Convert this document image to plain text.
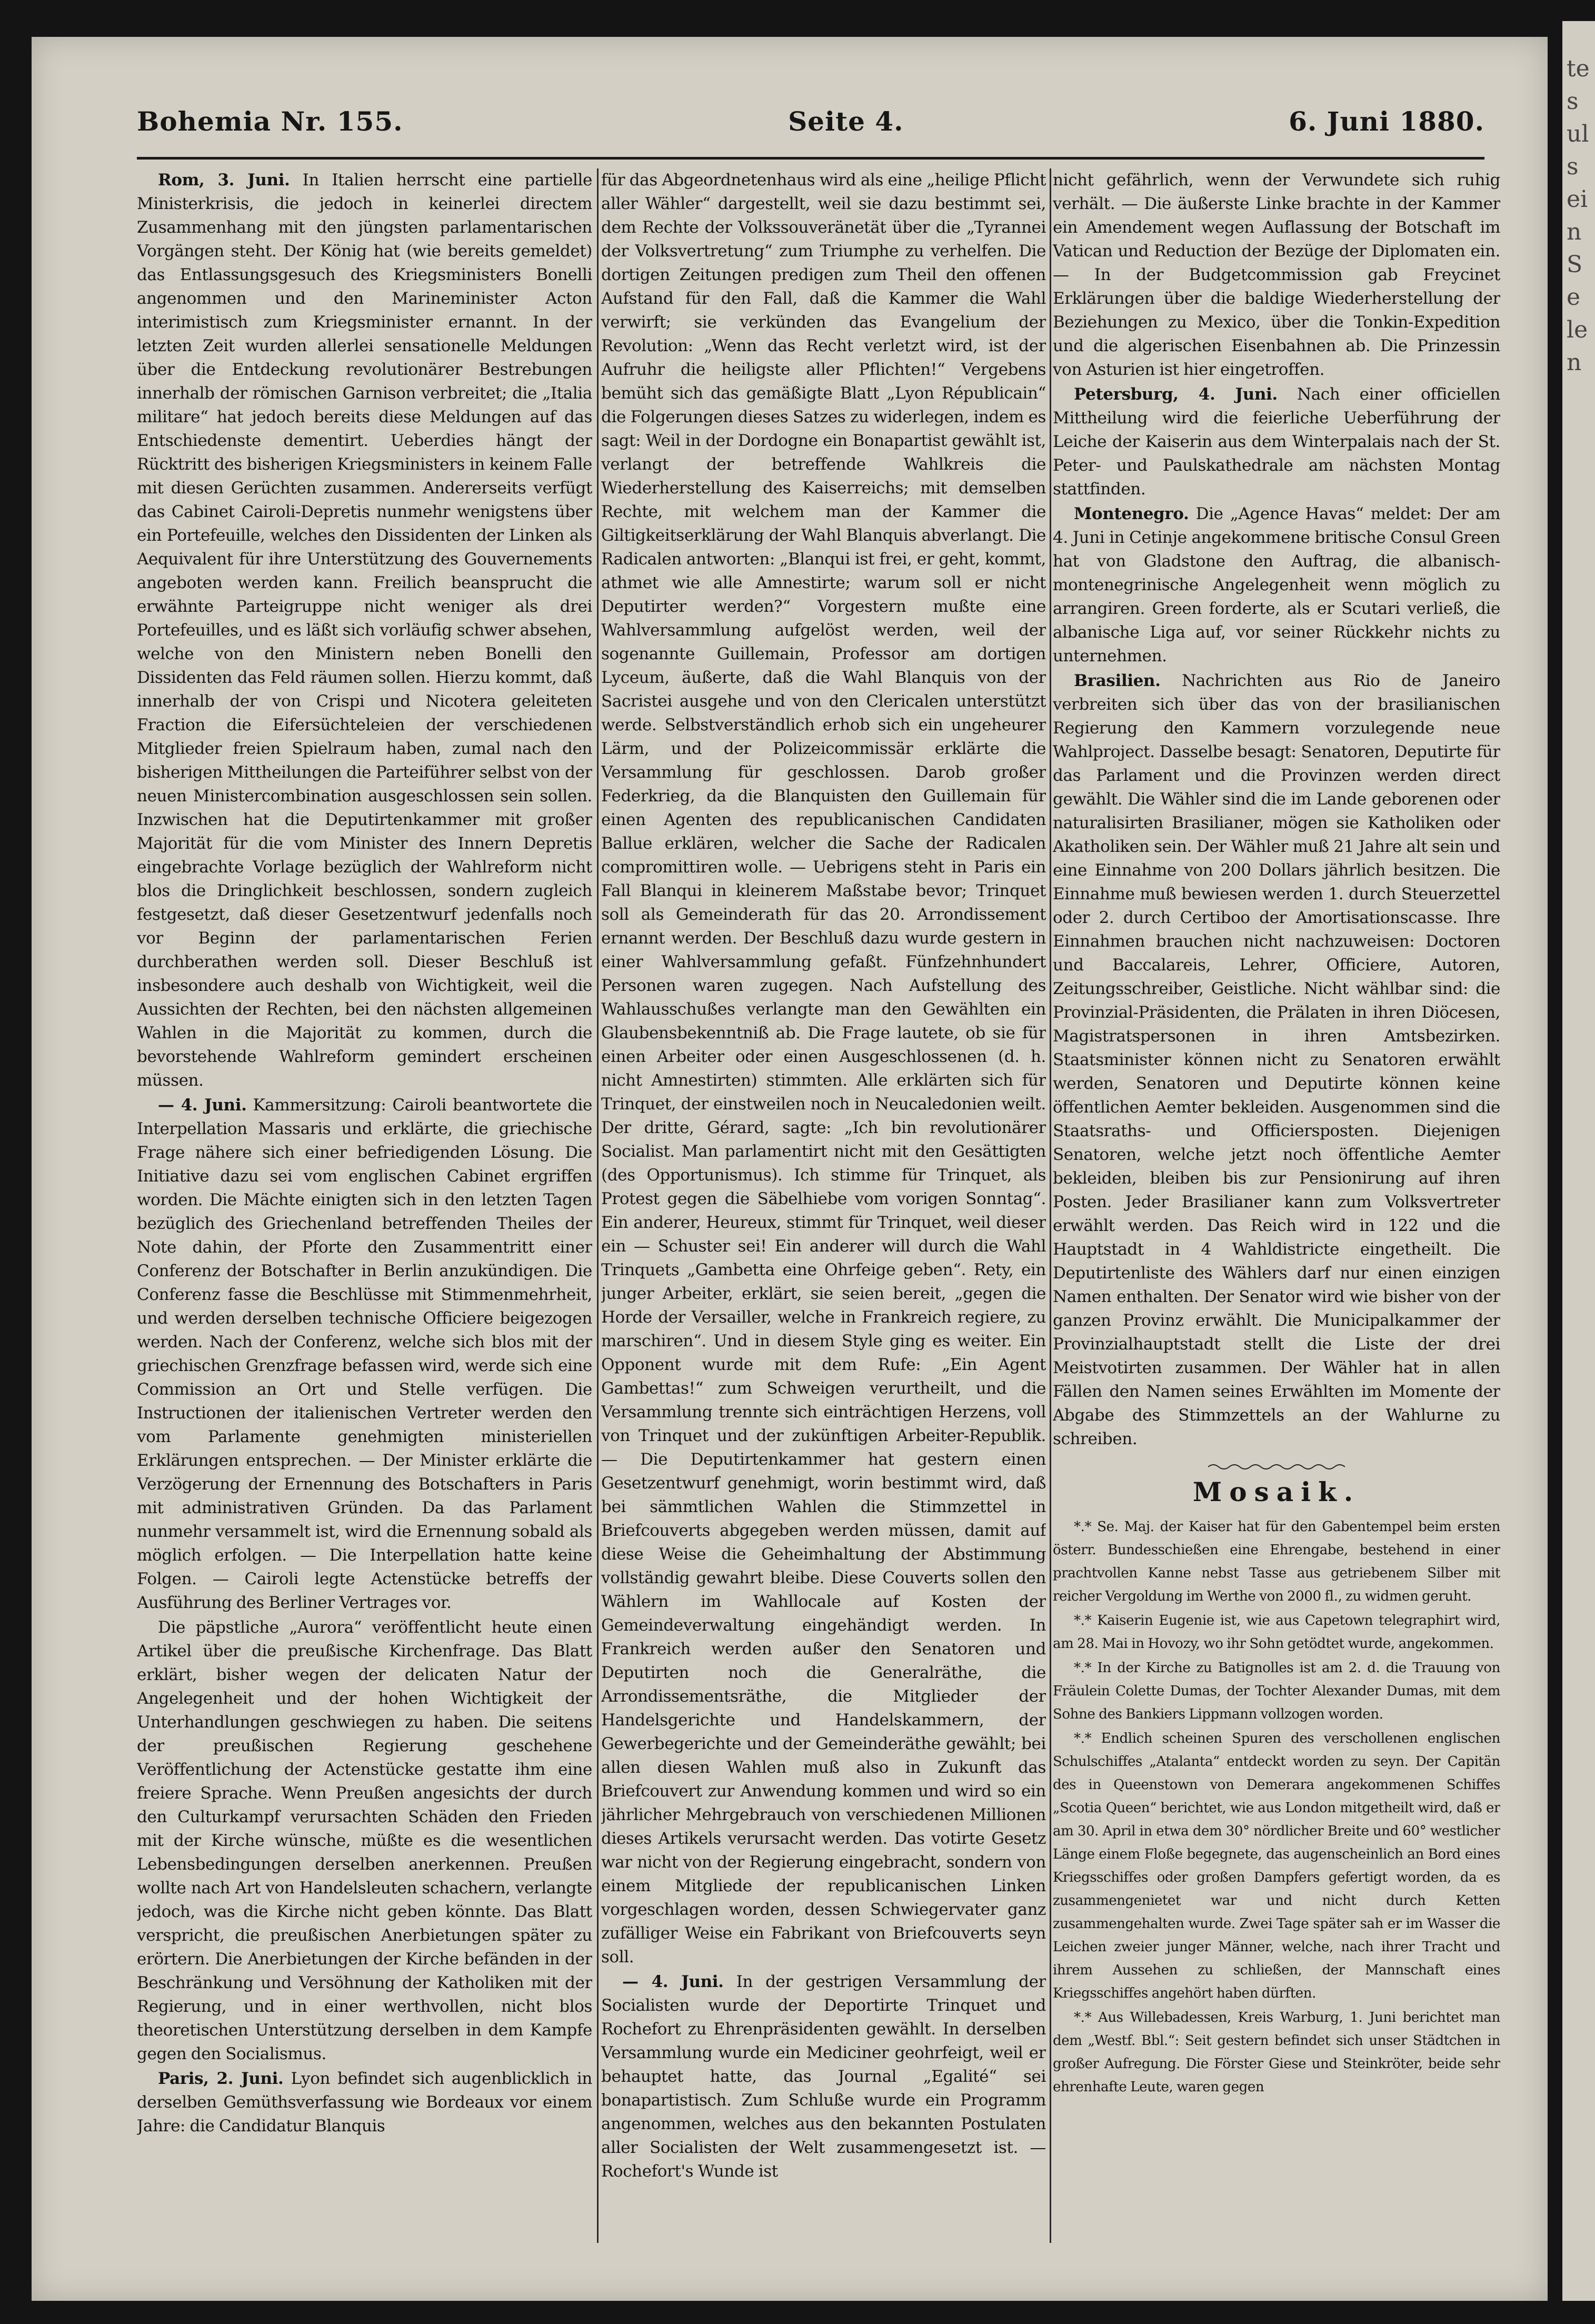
tes
uls
ein
Se
len
Bohemia Nr. 155.	Seite 4.	6. Juni 1880.

Rom, 3. Juni. In Italien herrscht eine partielle Ministerkrisis, die jedoch in keinerlei directem Zusammenhang mit den jüngsten parlamentarischen Vorgängen steht. Der König hat (wie bereits gemeldet) das Entlassungsgesuch des Kriegsministers Bonelli angenommen und den Marineminister Acton interimistisch zum Kriegsminister ernannt. In der letzten Zeit wurden allerlei sensationelle Meldungen über die Entdeckung revolutionärer Bestrebungen innerhalb der römischen Garnison verbreitet; die „Italia militare“ hat jedoch bereits diese Meldungen auf das Entschiedenste dementirt. Ueberdies hängt der Rücktritt des bisherigen Kriegsministers in keinem Falle mit diesen Gerüchten zusammen. Andererseits verfügt das Cabinet Cairoli-Depretis nunmehr wenigstens über ein Portefeuille, welches den Dissidenten der Linken als Aequivalent für ihre Unterstützung des Gouvernements angeboten werden kann. Freilich beansprucht die erwähnte Parteigruppe nicht weniger als drei Portefeuilles, und es läßt sich vorläufig schwer absehen, welche von den Ministern neben Bonelli den Dissidenten das Feld räumen sollen. Hierzu kommt, daß innerhalb der von Crispi und Nicotera geleiteten Fraction die Eifersüchteleien der verschiedenen Mitglieder freien Spielraum haben, zumal nach den bisherigen Mittheilungen die Parteiführer selbst von der neuen Ministercombination ausgeschlossen sein sollen. Inzwischen hat die Deputirtenkammer mit großer Majorität für die vom Minister des Innern Depretis eingebrachte Vorlage bezüglich der Wahlreform nicht blos die Dringlichkeit beschlossen, sondern zugleich festgesetzt, daß dieser Gesetzentwurf jedenfalls noch vor Beginn der parlamentarischen Ferien durchberathen werden soll. Dieser Beschluß ist insbesondere auch deshalb von Wichtigkeit, weil die Aussichten der Rechten, bei den nächsten allgemeinen Wahlen in die Majorität zu kommen, durch die bevorstehende Wahlreform gemindert erscheinen müssen.

— 4. Juni. Kammersitzung: Cairoli beantwortete die Interpellation Massaris und erklärte, die griechische Frage nähere sich einer befriedigenden Lösung. Die Initiative dazu sei vom englischen Cabinet ergriffen worden. Die Mächte einigten sich in den letzten Tagen bezüglich des Griechenland betreffenden Theiles der Note dahin, der Pforte den Zusammentritt einer Conferenz der Botschafter in Berlin anzukündigen. Die Conferenz fasse die Beschlüsse mit Stimmenmehrheit, und werden derselben technische Officiere beigezogen werden. Nach der Conferenz, welche sich blos mit der griechischen Grenzfrage befassen wird, werde sich eine Commission an Ort und Stelle verfügen. Die Instructionen der italienischen Vertreter werden den vom Parlamente genehmigten ministeriellen Erklärungen entsprechen. — Der Minister erklärte die Verzögerung der Ernennung des Botschafters in Paris mit administrativen Gründen. Da das Parlament nunmehr versammelt ist, wird die Ernennung sobald als möglich erfolgen. — Die Interpellation hatte keine Folgen. — Cairoli legte Actenstücke betreffs der Ausführung des Berliner Vertrages vor.

Die päpstliche „Aurora“ veröffentlicht heute einen Artikel über die preußische Kirchenfrage. Das Blatt erklärt, bisher wegen der delicaten Natur der Angelegenheit und der hohen Wichtigkeit der Unterhandlungen geschwiegen zu haben. Die seitens der preußischen Regierung geschehene Veröffentlichung der Actenstücke gestatte ihm eine freiere Sprache. Wenn Preußen angesichts der durch den Culturkampf verursachten Schäden den Frieden mit der Kirche wünsche, müßte es die wesentlichen Lebensbedingungen derselben anerkennen. Preußen wollte nach Art von Handelsleuten schachern, verlangte jedoch, was die Kirche nicht geben könnte. Das Blatt verspricht, die preußischen Anerbietungen später zu erörtern. Die Anerbietungen der Kirche befänden in der Beschränkung und Versöhnung der Katholiken mit der Regierung, und in einer werthvollen, nicht blos theoretischen Unterstützung derselben in dem Kampfe gegen den Socialismus.

Paris, 2. Juni. Lyon befindet sich augenblicklich in derselben Gemüthsverfassung wie Bordeaux vor einem Jahre: die Candidatur Blanquis

für das Abgeordnetenhaus wird als eine „heilige Pflicht aller Wähler“ dargestellt, weil sie dazu bestimmt sei, dem Rechte der Volkssouveränetät über die „Tyrannei der Volksvertretung“ zum Triumphe zu verhelfen. Die dortigen Zeitungen predigen zum Theil den offenen Aufstand für den Fall, daß die Kammer die Wahl verwirft; sie verkünden das Evangelium der Revolution: „Wenn das Recht verletzt wird, ist der Aufruhr die heiligste aller Pflichten!“ Vergebens bemüht sich das gemäßigte Blatt „Lyon Républicain“ die Folgerungen dieses Satzes zu widerlegen, indem es sagt: Weil in der Dordogne ein Bonapartist gewählt ist, verlangt der betreffende Wahlkreis die Wiederherstellung des Kaiserreichs; mit demselben Rechte, mit welchem man der Kammer die Giltigkeitserklärung der Wahl Blanquis abverlangt. Die Radicalen antworten: „Blanqui ist frei, er geht, kommt, athmet wie alle Amnestirte; warum soll er nicht Deputirter werden?“ Vorgestern mußte eine Wahlversammlung aufgelöst werden, weil der sogenannte Guillemain, Professor am dortigen Lyceum, äußerte, daß die Wahl Blanquis von der Sacristei ausgehe und von den Clericalen unterstützt werde. Selbstverständlich erhob sich ein ungeheurer Lärm, und der Polizeicommissär erklärte die Versammlung für geschlossen. Darob großer Federkrieg, da die Blanquisten den Guillemain für einen Agenten des republicanischen Candidaten Ballue erklären, welcher die Sache der Radicalen compromittiren wolle. — Uebrigens steht in Paris ein Fall Blanqui in kleinerem Maßstabe bevor; Trinquet soll als Gemeinderath für das 20. Arrondissement ernannt werden. Der Beschluß dazu wurde gestern in einer Wahlversammlung gefaßt. Fünfzehnhundert Personen waren zugegen. Nach Aufstellung des Wahlausschußes verlangte man den Gewählten ein Glaubensbekenntniß ab. Die Frage lautete, ob sie für einen Arbeiter oder einen Ausgeschlossenen (d. h. nicht Amnestirten) stimmten. Alle erklärten sich für Trinquet, der einstweilen noch in Neucaledonien weilt. Der dritte, Gérard, sagte: „Ich bin revolutionärer Socialist. Man parlamentirt nicht mit den Gesättigten (des Opportunismus). Ich stimme für Trinquet, als Protest gegen die Säbelhiebe vom vorigen Sonntag“. Ein anderer, Heureux, stimmt für Trinquet, weil dieser ein — Schuster sei! Ein anderer will durch die Wahl Trinquets „Gambetta eine Ohrfeige geben“. Rety, ein junger Arbeiter, erklärt, sie seien bereit, „gegen die Horde der Versailler, welche in Frankreich regiere, zu marschiren“. Und in diesem Style ging es weiter. Ein Opponent wurde mit dem Rufe: „Ein Agent Gambettas!“ zum Schweigen verurtheilt, und die Versammlung trennte sich einträchtigen Herzens, voll von Trinquet und der zukünftigen Arbeiter-Republik. — Die Deputirtenkammer hat gestern einen Gesetzentwurf genehmigt, worin bestimmt wird, daß bei sämmtlichen Wahlen die Stimmzettel in Briefcouverts abgegeben werden müssen, damit auf diese Weise die Geheimhaltung der Abstimmung vollständig gewahrt bleibe. Diese Couverts sollen den Wählern im Wahllocale auf Kosten der Gemeindeverwaltung eingehändigt werden. In Frankreich werden außer den Senatoren und Deputirten noch die Generalräthe, die Arrondissementsräthe, die Mitglieder der Handelsgerichte und Handelskammern, der Gewerbegerichte und der Gemeinderäthe gewählt; bei allen diesen Wahlen muß also in Zukunft das Briefcouvert zur Anwendung kommen und wird so ein jährlicher Mehrgebrauch von verschiedenen Millionen dieses Artikels verursacht werden. Das votirte Gesetz war nicht von der Regierung eingebracht, sondern von einem Mitgliede der republicanischen Linken vorgeschlagen worden, dessen Schwiegervater ganz zufälliger Weise ein Fabrikant von Briefcouverts seyn soll.

— 4. Juni. In der gestrigen Versammlung der Socialisten wurde der Deportirte Trinquet und Rochefort zu Ehrenpräsidenten gewählt. In derselben Versammlung wurde ein Mediciner geohrfeigt, weil er behauptet hatte, das Journal „Egalité“ sei bonapartistisch. Zum Schluße wurde ein Programm angenommen, welches aus den bekannten Postulaten aller Socialisten der Welt zusammengesetzt ist. — Rochefort's Wunde ist

nicht gefährlich, wenn der Verwundete sich ruhig verhält. — Die äußerste Linke brachte in der Kammer ein Amendement wegen Auflassung der Botschaft im Vatican und Reduction der Bezüge der Diplomaten ein. — In der Budgetcommission gab Freycinet Erklärungen über die baldige Wiederherstellung der Beziehungen zu Mexico, über die Tonkin-Expedition und die algerischen Eisenbahnen ab. Die Prinzessin von Asturien ist hier eingetroffen.

Petersburg, 4. Juni. Nach einer officiellen Mittheilung wird die feierliche Ueberführung der Leiche der Kaiserin aus dem Winterpalais nach der St. Peter- und Paulskathedrale am nächsten Montag stattfinden.

Montenegro. Die „Agence Havas“ meldet: Der am 4. Juni in Cetinje angekommene britische Consul Green hat von Gladstone den Auftrag, die albanisch-montenegrinische Angelegenheit wenn möglich zu arrangiren. Green forderte, als er Scutari verließ, die albanische Liga auf, vor seiner Rückkehr nichts zu unternehmen.

Brasilien. Nachrichten aus Rio de Janeiro verbreiten sich über das von der brasilianischen Regierung den Kammern vorzulegende neue Wahlproject. Dasselbe besagt: Senatoren, Deputirte für das Parlament und die Provinzen werden direct gewählt. Die Wähler sind die im Lande geborenen oder naturalisirten Brasilianer, mögen sie Katholiken oder Akatholiken sein. Der Wähler muß 21 Jahre alt sein und eine Einnahme von 200 Dollars jährlich besitzen. Die Einnahme muß bewiesen werden 1. durch Steuerzettel oder 2. durch Certiboo der Amortisationscasse. Ihre Einnahmen brauchen nicht nachzuweisen: Doctoren und Baccalareis, Lehrer, Officiere, Autoren, Zeitungsschreiber, Geistliche. Nicht wählbar sind: die Provinzial-Präsidenten, die Prälaten in ihren Diöcesen, Magistratspersonen in ihren Amtsbezirken. Staatsminister können nicht zu Senatoren erwählt werden, Senatoren und Deputirte können keine öffentlichen Aemter bekleiden. Ausgenommen sind die Staatsraths- und Officiersposten. Diejenigen Senatoren, welche jetzt noch öffentliche Aemter bekleiden, bleiben bis zur Pensionirung auf ihren Posten. Jeder Brasilianer kann zum Volksvertreter erwählt werden. Das Reich wird in 122 und die Hauptstadt in 4 Wahldistricte eingetheilt. Die Deputirtenliste des Wählers darf nur einen einzigen Namen enthalten. Der Senator wird wie bisher von der ganzen Provinz erwählt. Die Municipalkammer der Provinzialhauptstadt stellt die Liste der drei Meistvotirten zusammen. Der Wähler hat in allen Fällen den Namen seines Erwählten im Momente der Abgabe des Stimmzettels an der Wahlurne zu schreiben.

Mosaik.

*.* Se. Maj. der Kaiser hat für den Gabentempel beim ersten österr. Bundesschießen eine Ehrengabe, bestehend in einer prachtvollen Kanne nebst Tasse aus getriebenem Silber mit reicher Vergoldung im Werthe von 2000 fl., zu widmen geruht.

*.* Kaiserin Eugenie ist, wie aus Capetown telegraphirt wird, am 28. Mai in Hovozy, wo ihr Sohn getödtet wurde, angekommen.

*.* In der Kirche zu Batignolles ist am 2. d. die Trauung von Fräulein Colette Dumas, der Tochter Alexander Dumas, mit dem Sohne des Bankiers Lippmann vollzogen worden.

*.* Endlich scheinen Spuren des verschollenen englischen Schulschiffes „Atalanta“ entdeckt worden zu seyn. Der Capitän des in Queenstown von Demerara angekommenen Schiffes „Scotia Queen“ berichtet, wie aus London mitgetheilt wird, daß er am 30. April in etwa dem 30° nördlicher Breite und 60° westlicher Länge einem Floße begegnete, das augenscheinlich an Bord eines Kriegsschiffes oder großen Dampfers gefertigt worden, da es zusammengenietet war und nicht durch Ketten zusammengehalten wurde. Zwei Tage später sah er im Wasser die Leichen zweier junger Männer, welche, nach ihrer Tracht und ihrem Aussehen zu schließen, der Mannschaft eines Kriegsschiffes angehört haben dürften.

*.* Aus Willebadessen, Kreis Warburg, 1. Juni berichtet man dem „Westf. Bbl.“: Seit gestern befindet sich unser Städtchen in großer Aufregung. Die Förster Giese und Steinkröter, beide sehr ehrenhafte Leute, waren gegen
